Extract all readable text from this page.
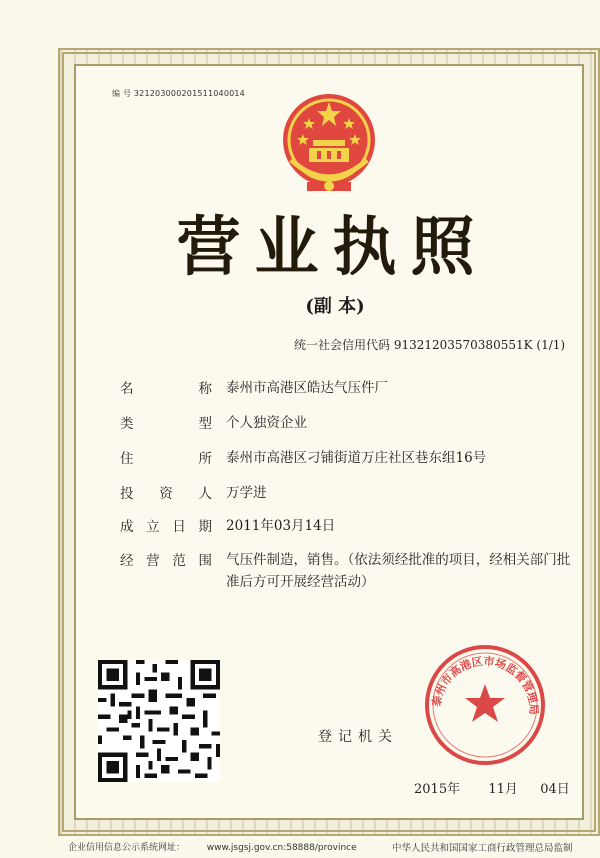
编 号 321203000201511040014
营业执照
(副 本)
统一社会信用代码 91321203570380551K (1/1)
名	称 泰州市高港区皓达气压件厂
类	型 个人独资企业
住	所 泰州市高港区刁铺街道万庄社区巷东组16号
投 资 人 万学进
成 立 日 期 2011年03月14日
经 营 范 围 气压件制造，销售。（依法须经批准的项目，经相关部门批准后方可开展经营活动）
登记机关
2015年 11月 04日
泰州市高港区市场监督管理局
企业信用信息公示系统网址： www.jsgsj.gov.cn:58888/province	中华人民共和国国家工商行政管理总局监制
